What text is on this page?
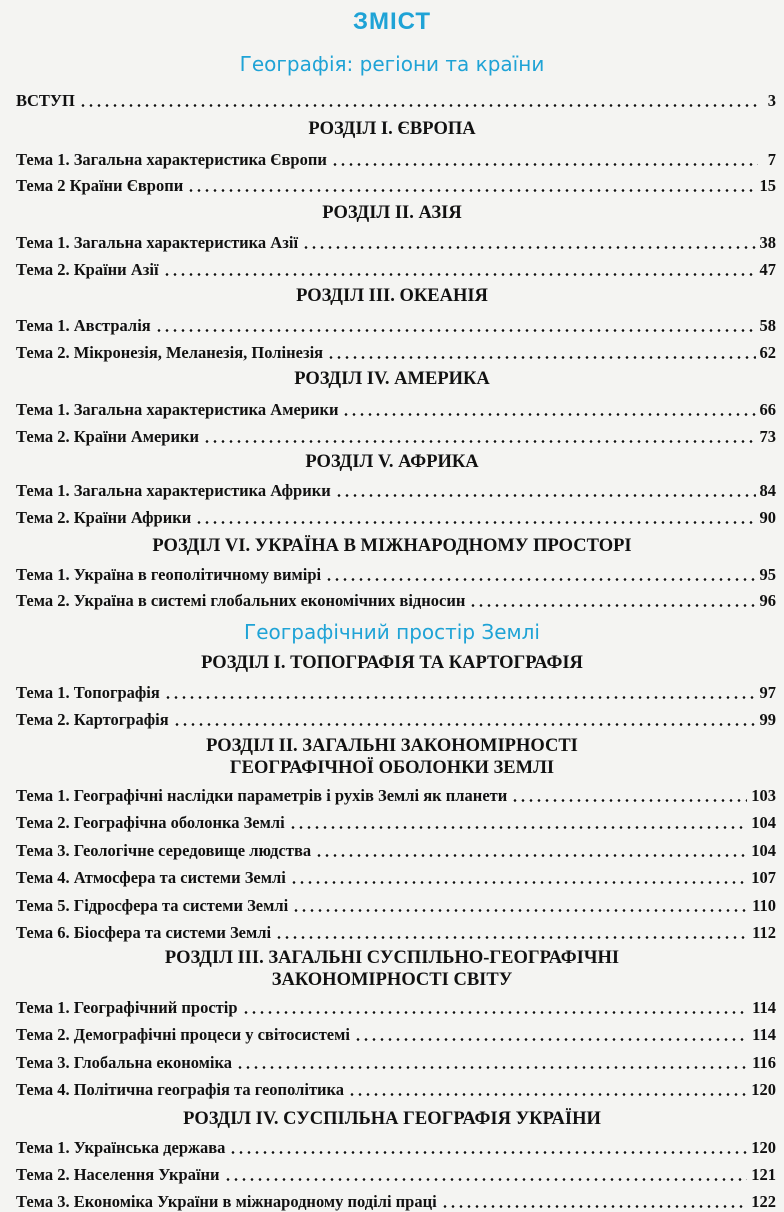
ЗМІСТ
Географія: регіони та країни
ВСТУП	3
РОЗДІЛ І. ЄВРОПА
Тема 1. Загальна характеристика Європи	7
Тема 2 Країни Європи	15
РОЗДІЛ ІІ. АЗІЯ
Тема 1. Загальна характеристика Азії	38
Тема 2. Країни Азії	47
РОЗДІЛ ІІІ. ОКЕАНІЯ
Тема 1. Австралія	58
Тема 2. Мікронезія, Меланезія, Полінезія	62
РОЗДІЛ IV. АМЕРИКА
Тема 1. Загальна характеристика Америки	66
Тема 2. Країни Америки	73
РОЗДІЛ V. АФРИКА
Тема 1. Загальна характеристика Африки	84
Тема 2. Країни Африки	90
РОЗДІЛ VІ. УКРАЇНА В МІЖНАРОДНОМУ ПРОСТОРІ
Тема 1. Україна в геополітичному вимірі	95
Тема 2. Україна в системі глобальних економічних відносин	96
Географічний простір Землі
РОЗДІЛ І. ТОПОГРАФІЯ ТА КАРТОГРАФІЯ
Тема 1. Топографія	97
Тема 2. Картографія	99
РОЗДІЛ ІІ. ЗАГАЛЬНІ ЗАКОНОМІРНОСТІ
ГЕОГРАФІЧНОЇ ОБОЛОНКИ ЗЕМЛІ
Тема 1. Географічні наслідки параметрів і рухів Землі як планети	103
Тема 2. Географічна оболонка Землі	104
Тема 3. Геологічне середовище людства	104
Тема 4. Атмосфера та системи Землі	107
Тема 5. Гідросфера та системи Землі	110
Тема 6. Біосфера та системи Землі	112
РОЗДІЛ ІІІ. ЗАГАЛЬНІ СУСПІЛЬНО-ГЕОГРАФІЧНІ
ЗАКОНОМІРНОСТІ СВІТУ
Тема 1. Географічний простір	114
Тема 2. Демографічні процеси у світосистемі	114
Тема 3. Глобальна економіка	116
Тема 4. Політична географія та геополітика	120
РОЗДІЛ IV. СУСПІЛЬНА ГЕОГРАФІЯ УКРАЇНИ
Тема 1. Українська держава	120
Тема 2. Населення України	121
Тема 3. Економіка України в міжнародному поділі праці	122
